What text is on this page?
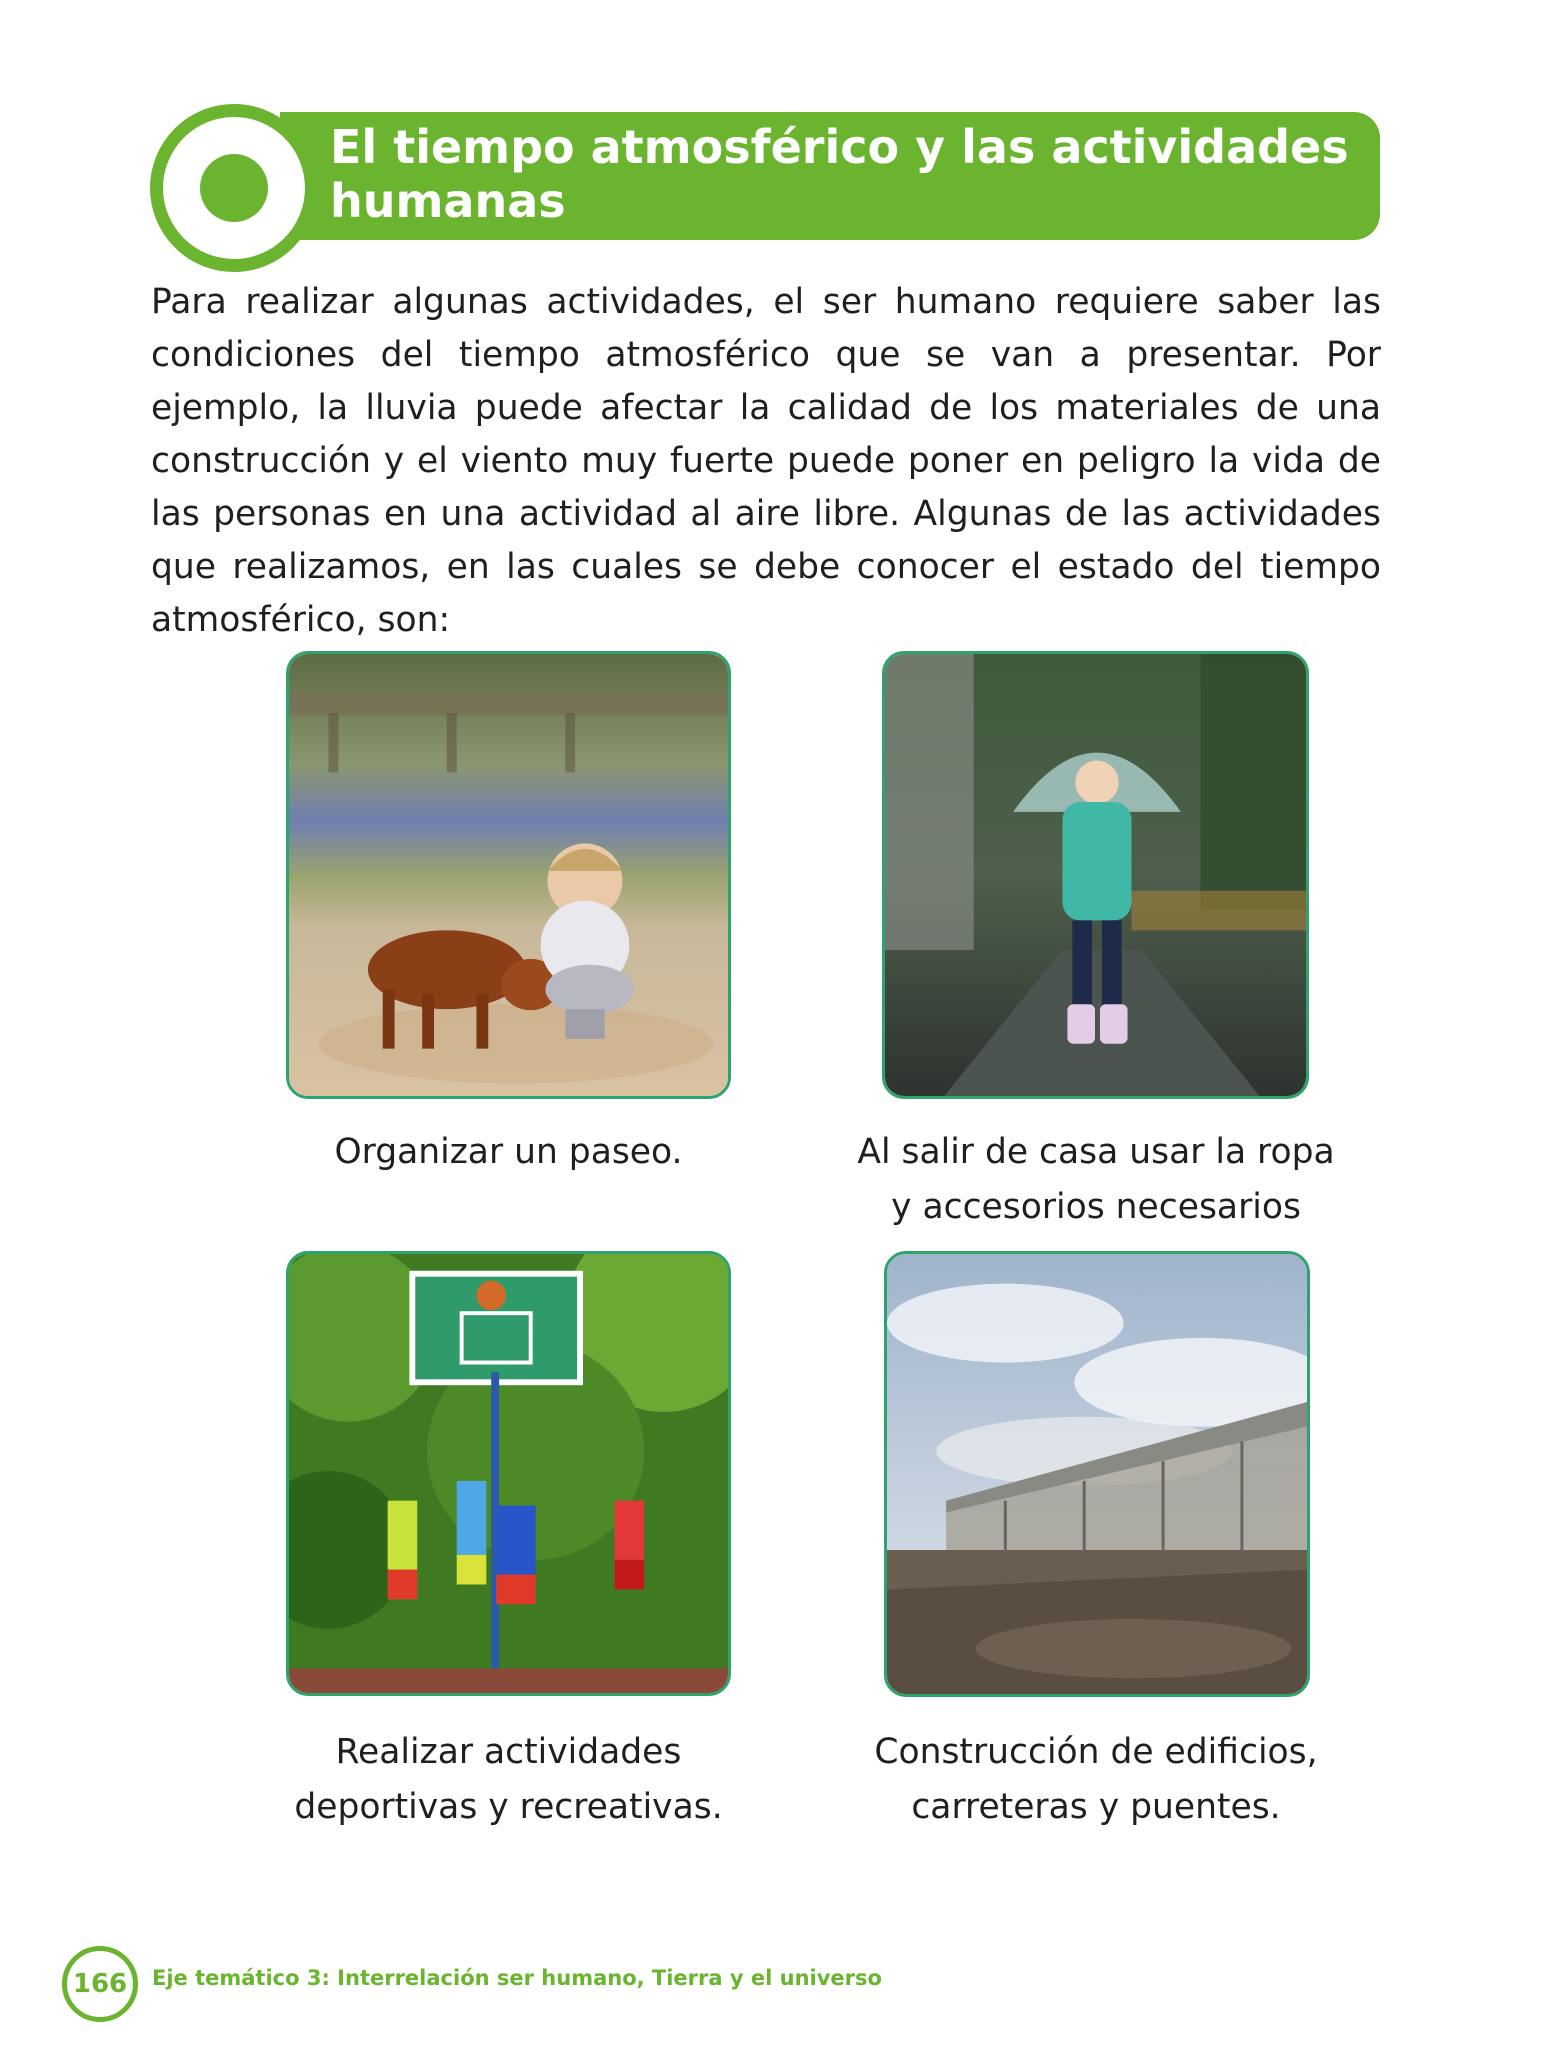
El tiempo atmosférico y las actividades humanas

Para realizar algunas actividades, el ser humano requiere saber las condiciones del tiempo atmosférico que se van a presentar. Por ejemplo, la lluvia puede afectar la calidad de los materiales de una construcción y el viento muy fuerte puede poner en peligro la vida de las personas en una actividad al aire libre. Algunas de las actividades que realizamos, en las cuales se debe conocer el estado del tiempo atmosférico, son:

Organizar un paseo.	Al salir de casa usar la ropa
y accesorios necesarios
Realizar actividades
deportivas y recreativas.
Construcción de edificios,
carreteras y puentes.
166	Eje temático 3: Interrelación ser humano, Tierra y el universo
